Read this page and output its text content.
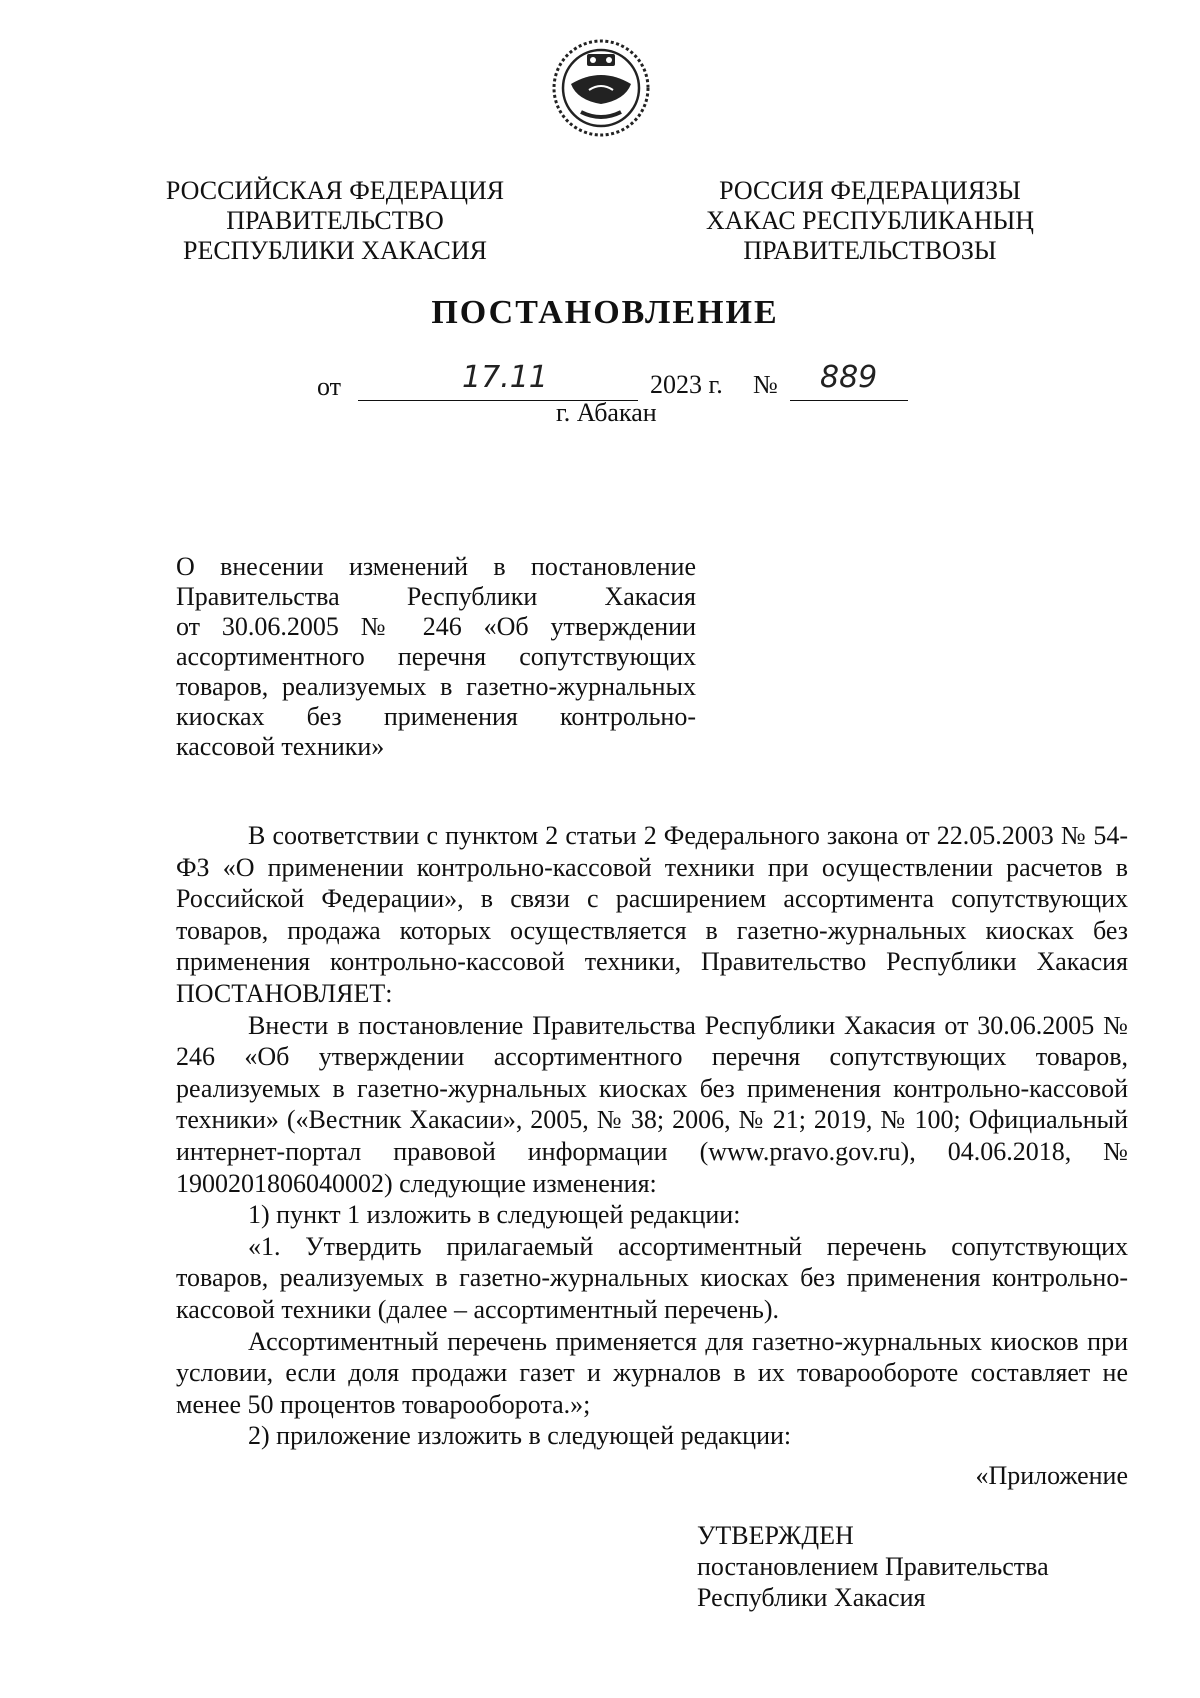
РОССИЙСКАЯ ФЕДЕРАЦИЯ
ПРАВИТЕЛЬСТВО
РЕСПУБЛИКИ ХАКАСИЯ
РОССИЯ ФЕДЕРАЦИЯЗЫ
ХАКАС РЕСПУБЛИКАНЫҢ
ПРАВИТЕЛЬСТВОЗЫ
ПОСТАНОВЛЕНИЕ
от	17.11	2023 г. № 889
г. Абакан
О внесении изменений в постановление
Правительства Республики Хакасия
от 30.06.2005 № 246 «Об утверждении
ассортиментного перечня сопутствующих
товаров, реализуемых в газетно-журнальных
киосках без применения контрольно-
кассовой техники»

В соответствии с пунктом 2 статьи 2 Федерального закона от 22.05.2003 № 54-ФЗ «О применении контрольно-кассовой техники при осуществлении расчетов в Российской Федерации», в связи с расширением ассортимента сопутствующих товаров, продажа которых осуществляется в газетно-журнальных киосках без применения контрольно-кассовой техники, Правительство Республики Хакасия ПОСТАНОВЛЯЕТ:

Внести в постановление Правительства Республики Хакасия от 30.06.2005 № 246 «Об утверждении ассортиментного перечня сопутствующих товаров, реализуемых в газетно-журнальных киосках без применения контрольно-кассовой техники» («Вестник Хакасии», 2005, № 38; 2006, № 21; 2019, № 100; Официальный интернет-портал правовой информации (www.pravo.gov.ru), 04.06.2018, № 1900201806040002) следующие изменения:

1) пункт 1 изложить в следующей редакции:

«1. Утвердить прилагаемый ассортиментный перечень сопутствующих товаров, реализуемых в газетно-журнальных киосках без применения контрольно-кассовой техники (далее – ассортиментный перечень).

Ассортиментный перечень применяется для газетно-журнальных киосков при условии, если доля продажи газет и журналов в их товарообороте составляет не менее 50 процентов товарооборота.»;

2) приложение изложить в следующей редакции:

«Приложение
УТВЕРЖДЕН
постановлением Правительства
Республики Хакасия
